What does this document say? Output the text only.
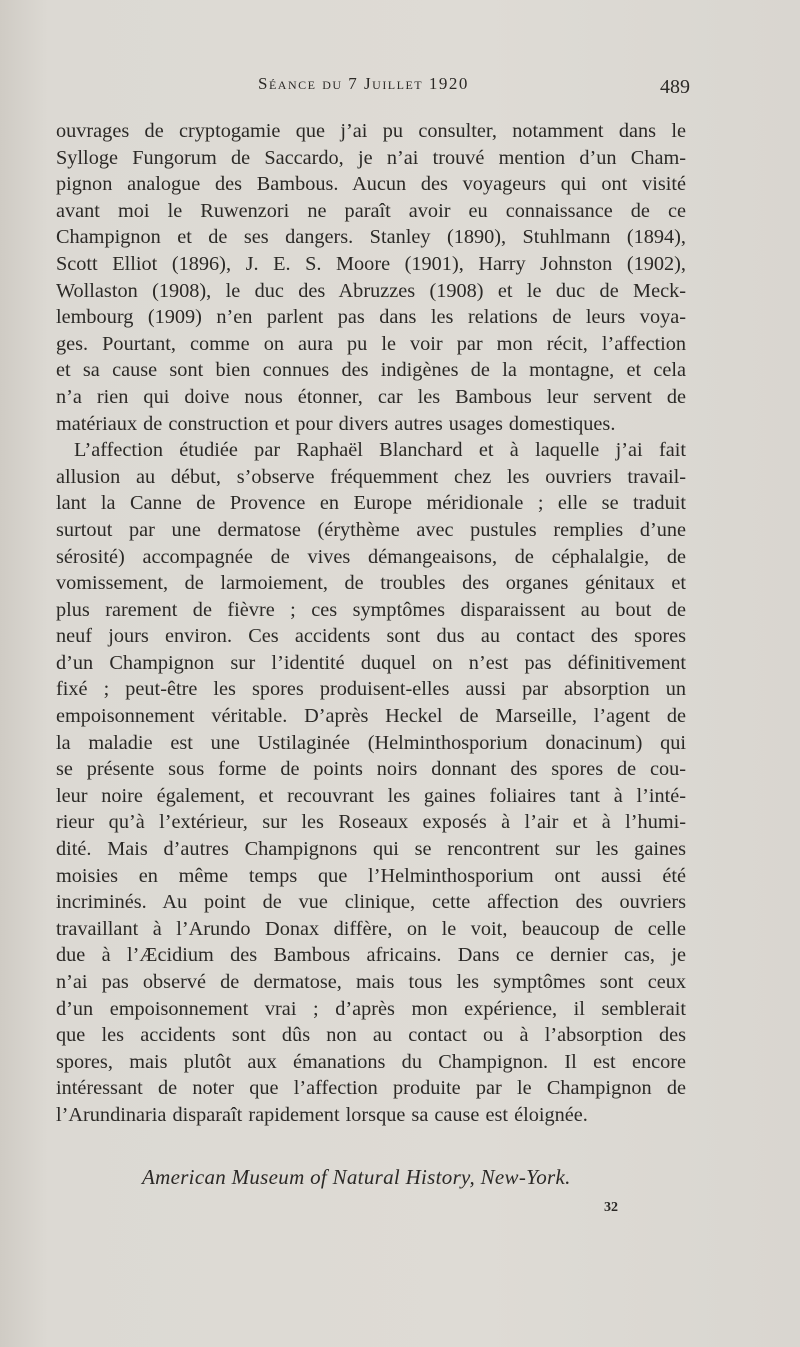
Séance du 7 Juillet 1920	489
ouvrages de cryptogamie que j’ai pu consulter, notamment dans le
Sylloge Fungorum de Saccardo, je n’ai trouvé mention d’un Cham-
pignon analogue des Bambous. Aucun des voyageurs qui ont visité
avant moi le Ruwenzori ne paraît avoir eu connaissance de ce
Champignon et de ses dangers. Stanley (1890), Stuhlmann (1894),
Scott Elliot (1896), J. E. S. Moore (1901), Harry Johnston (1902),
Wollaston (1908), le duc des Abruzzes (1908) et le duc de Meck-
lembourg (1909) n’en parlent pas dans les relations de leurs voya-
ges. Pourtant, comme on aura pu le voir par mon récit, l’affection
et sa cause sont bien connues des indigènes de la montagne, et cela
n’a rien qui doive nous étonner, car les Bambous leur servent de
matériaux de construction et pour divers autres usages domestiques.
L’affection étudiée par Raphaël Blanchard et à laquelle j’ai fait
allusion au début, s’observe fréquemment chez les ouvriers travail-
lant la Canne de Provence en Europe méridionale ; elle se traduit
surtout par une dermatose (érythème avec pustules remplies d’une
sérosité) accompagnée de vives démangeaisons, de céphalalgie, de
vomissement, de larmoiement, de troubles des organes génitaux et
plus rarement de fièvre ; ces symptômes disparaissent au bout de
neuf jours environ. Ces accidents sont dus au contact des spores
d’un Champignon sur l’identité duquel on n’est pas définitivement
fixé ; peut-être les spores produisent-elles aussi par absorption un
empoisonnement véritable. D’après Heckel de Marseille, l’agent de
la maladie est une Ustilaginée (Helminthosporium donacinum) qui
se présente sous forme de points noirs donnant des spores de cou-
leur noire également, et recouvrant les gaines foliaires tant à l’inté-
rieur qu’à l’extérieur, sur les Roseaux exposés à l’air et à l’humi-
dité. Mais d’autres Champignons qui se rencontrent sur les gaines
moisies en même temps que l’Helminthosporium ont aussi été
incriminés. Au point de vue clinique, cette affection des ouvriers
travaillant à l’Arundo Donax diffère, on le voit, beaucoup de celle
due à l’Æcidium des Bambous africains. Dans ce dernier cas, je
n’ai pas observé de dermatose, mais tous les symptômes sont ceux
d’un empoisonnement vrai ; d’après mon expérience, il semblerait
que les accidents sont dûs non au contact ou à l’absorption des
spores, mais plutôt aux émanations du Champignon. Il est encore
intéressant de noter que l’affection produite par le Champignon de
l’Arundinaria disparaît rapidement lorsque sa cause est éloignée.
American Museum of Natural History, New-York.
32
